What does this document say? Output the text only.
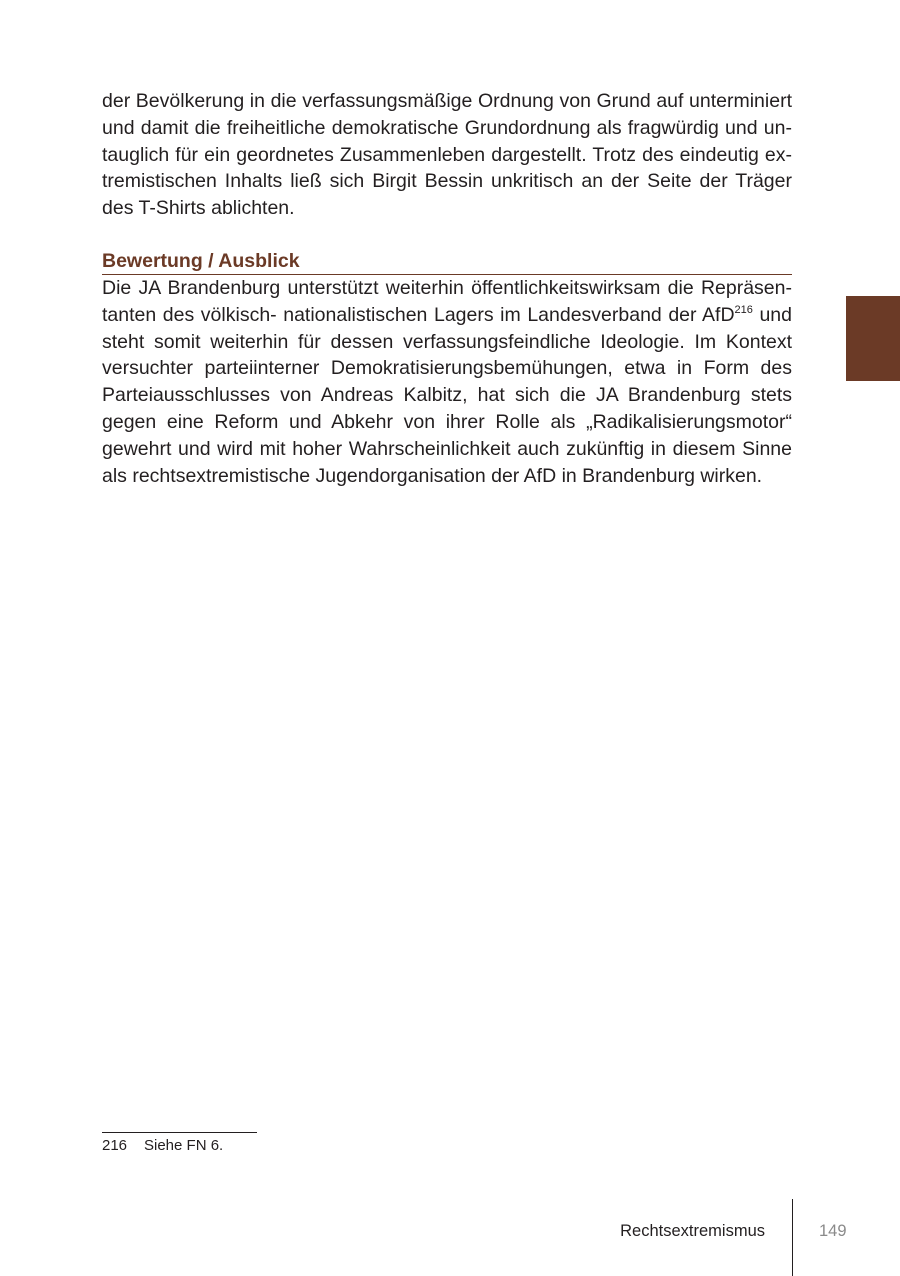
der Bevölkerung in die verfassungsmäßige Ordnung von Grund auf unterminiert und damit die freiheitliche demokratische Grundordnung als fragwürdig und untauglich für ein geordnetes Zusammenleben dargestellt. Trotz des eindeutig extremistischen Inhalts ließ sich Birgit Bessin unkritisch an der Seite der Träger des T-Shirts ablichten.

Bewertung / Ausblick

Die JA Brandenburg unterstützt weiterhin öffentlichkeitswirksam die Repräsentanten des völkisch- nationalistischen Lagers im Landesverband der AfD$^{216}$ und steht somit weiterhin für dessen verfassungsfeindliche Ideologie. Im Kontext versuchter parteiinterner Demokratisierungsbemühungen, etwa in Form des Parteiausschlusses von Andreas Kalbitz, hat sich die JA Brandenburg stets gegen eine Reform und Abkehr von ihrer Rolle als „Radikalisierungsmotor“ gewehrt und wird mit hoher Wahrscheinlichkeit auch zukünftig in diesem Sinne als rechtsextremistische Jugendorganisation der AfD in Brandenburg wirken.

216 Siehe FN 6.
Rechtsextremismus	149
